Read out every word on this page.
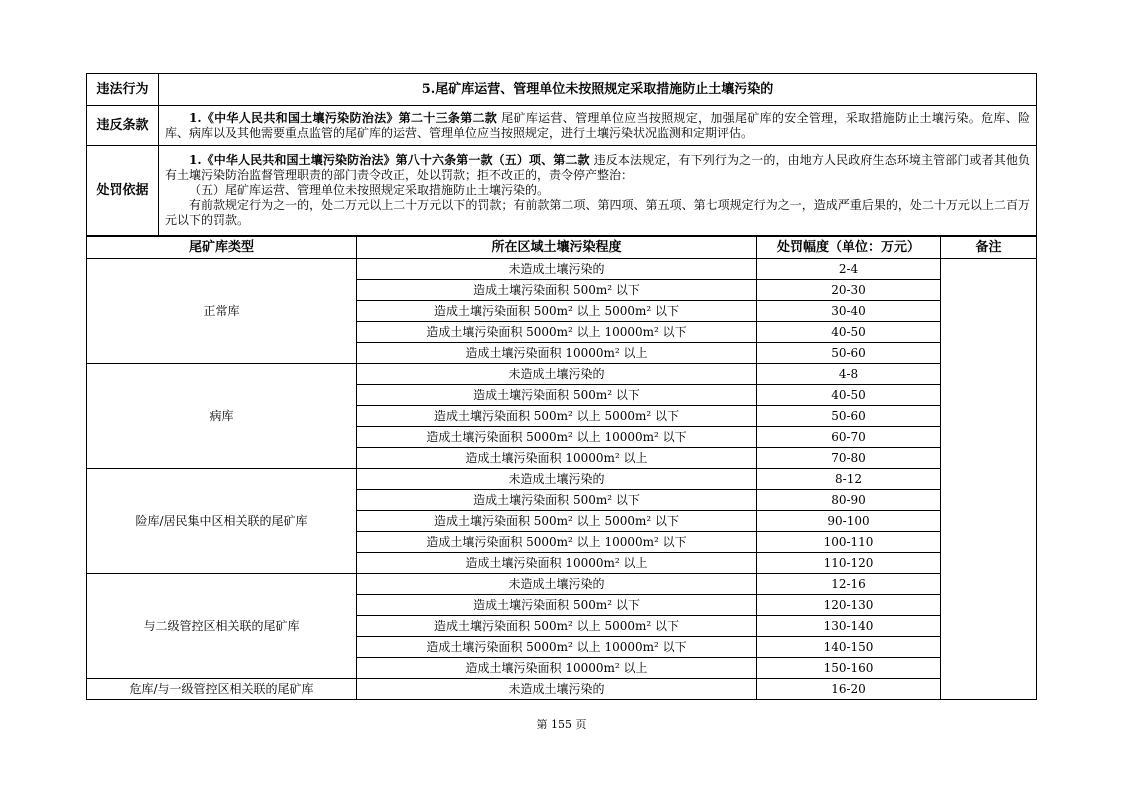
违法行为	5.尾矿库运营、管理单位未按照规定采取措施防止土壤污染的
违反条款	1.《中华人民共和国土壤污染防治法》第二十三条第二款 尾矿库运营、管理单位应当按照规定，加强尾矿库的安全管理，采取措施防止土壤污染。危库、险库、病库以及其他需要重点监管的尾矿库的运营、管理单位应当按照规定，进行土壤污染状况监测和定期评估。

处罚依据	1.《中华人民共和国土壤污染防治法》第八十六条第一款（五）项、第二款 违反本法规定，有下列行为之一的，由地方人民政府生态环境主管部门或者其他负有土壤污染防治监督管理职责的部门责令改正，处以罚款；拒不改正的，责令停产整治：
（五）尾矿库运营、管理单位未按照规定采取措施防止土壤污染的。
有前款规定行为之一的，处二万元以上二十万元以下的罚款；有前款第二项、第四项、第五项、第七项规定行为之一，造成严重后果的，处二十万元以上二百万元以下的罚款。
尾矿库类型	所在区域土壤污染程度	处罚幅度（单位：万元）	备注
正常库	未造成土壤污染的	2-4	
	造成土壤污染面积 500m² 以下	20-30	
	造成土壤污染面积 500m² 以上 5000m² 以下	30-40	
	造成土壤污染面积 5000m² 以上 10000m² 以下	40-50	
	造成土壤污染面积 10000m² 以上	50-60	
病库	未造成土壤污染的	4-8	
	造成土壤污染面积 500m² 以下	40-50	
	造成土壤污染面积 500m² 以上 5000m² 以下	50-60	
	造成土壤污染面积 5000m² 以上 10000m² 以下	60-70	
	造成土壤污染面积 10000m² 以上	70-80	
险库/居民集中区相关联的尾矿库	未造成土壤污染的	8-12	
	造成土壤污染面积 500m² 以下	80-90	
	造成土壤污染面积 500m² 以上 5000m² 以下	90-100	
	造成土壤污染面积 5000m² 以上 10000m² 以下	100-110	
	造成土壤污染面积 10000m² 以上	110-120	
与二级管控区相关联的尾矿库	未造成土壤污染的	12-16	
	造成土壤污染面积 500m² 以下	120-130	
	造成土壤污染面积 500m² 以上 5000m² 以下	130-140	
	造成土壤污染面积 5000m² 以上 10000m² 以下	140-150	
	造成土壤污染面积 10000m² 以上	150-160	
危库/与一级管控区相关联的尾矿库	未造成土壤污染的	16-20	
第 155 页
